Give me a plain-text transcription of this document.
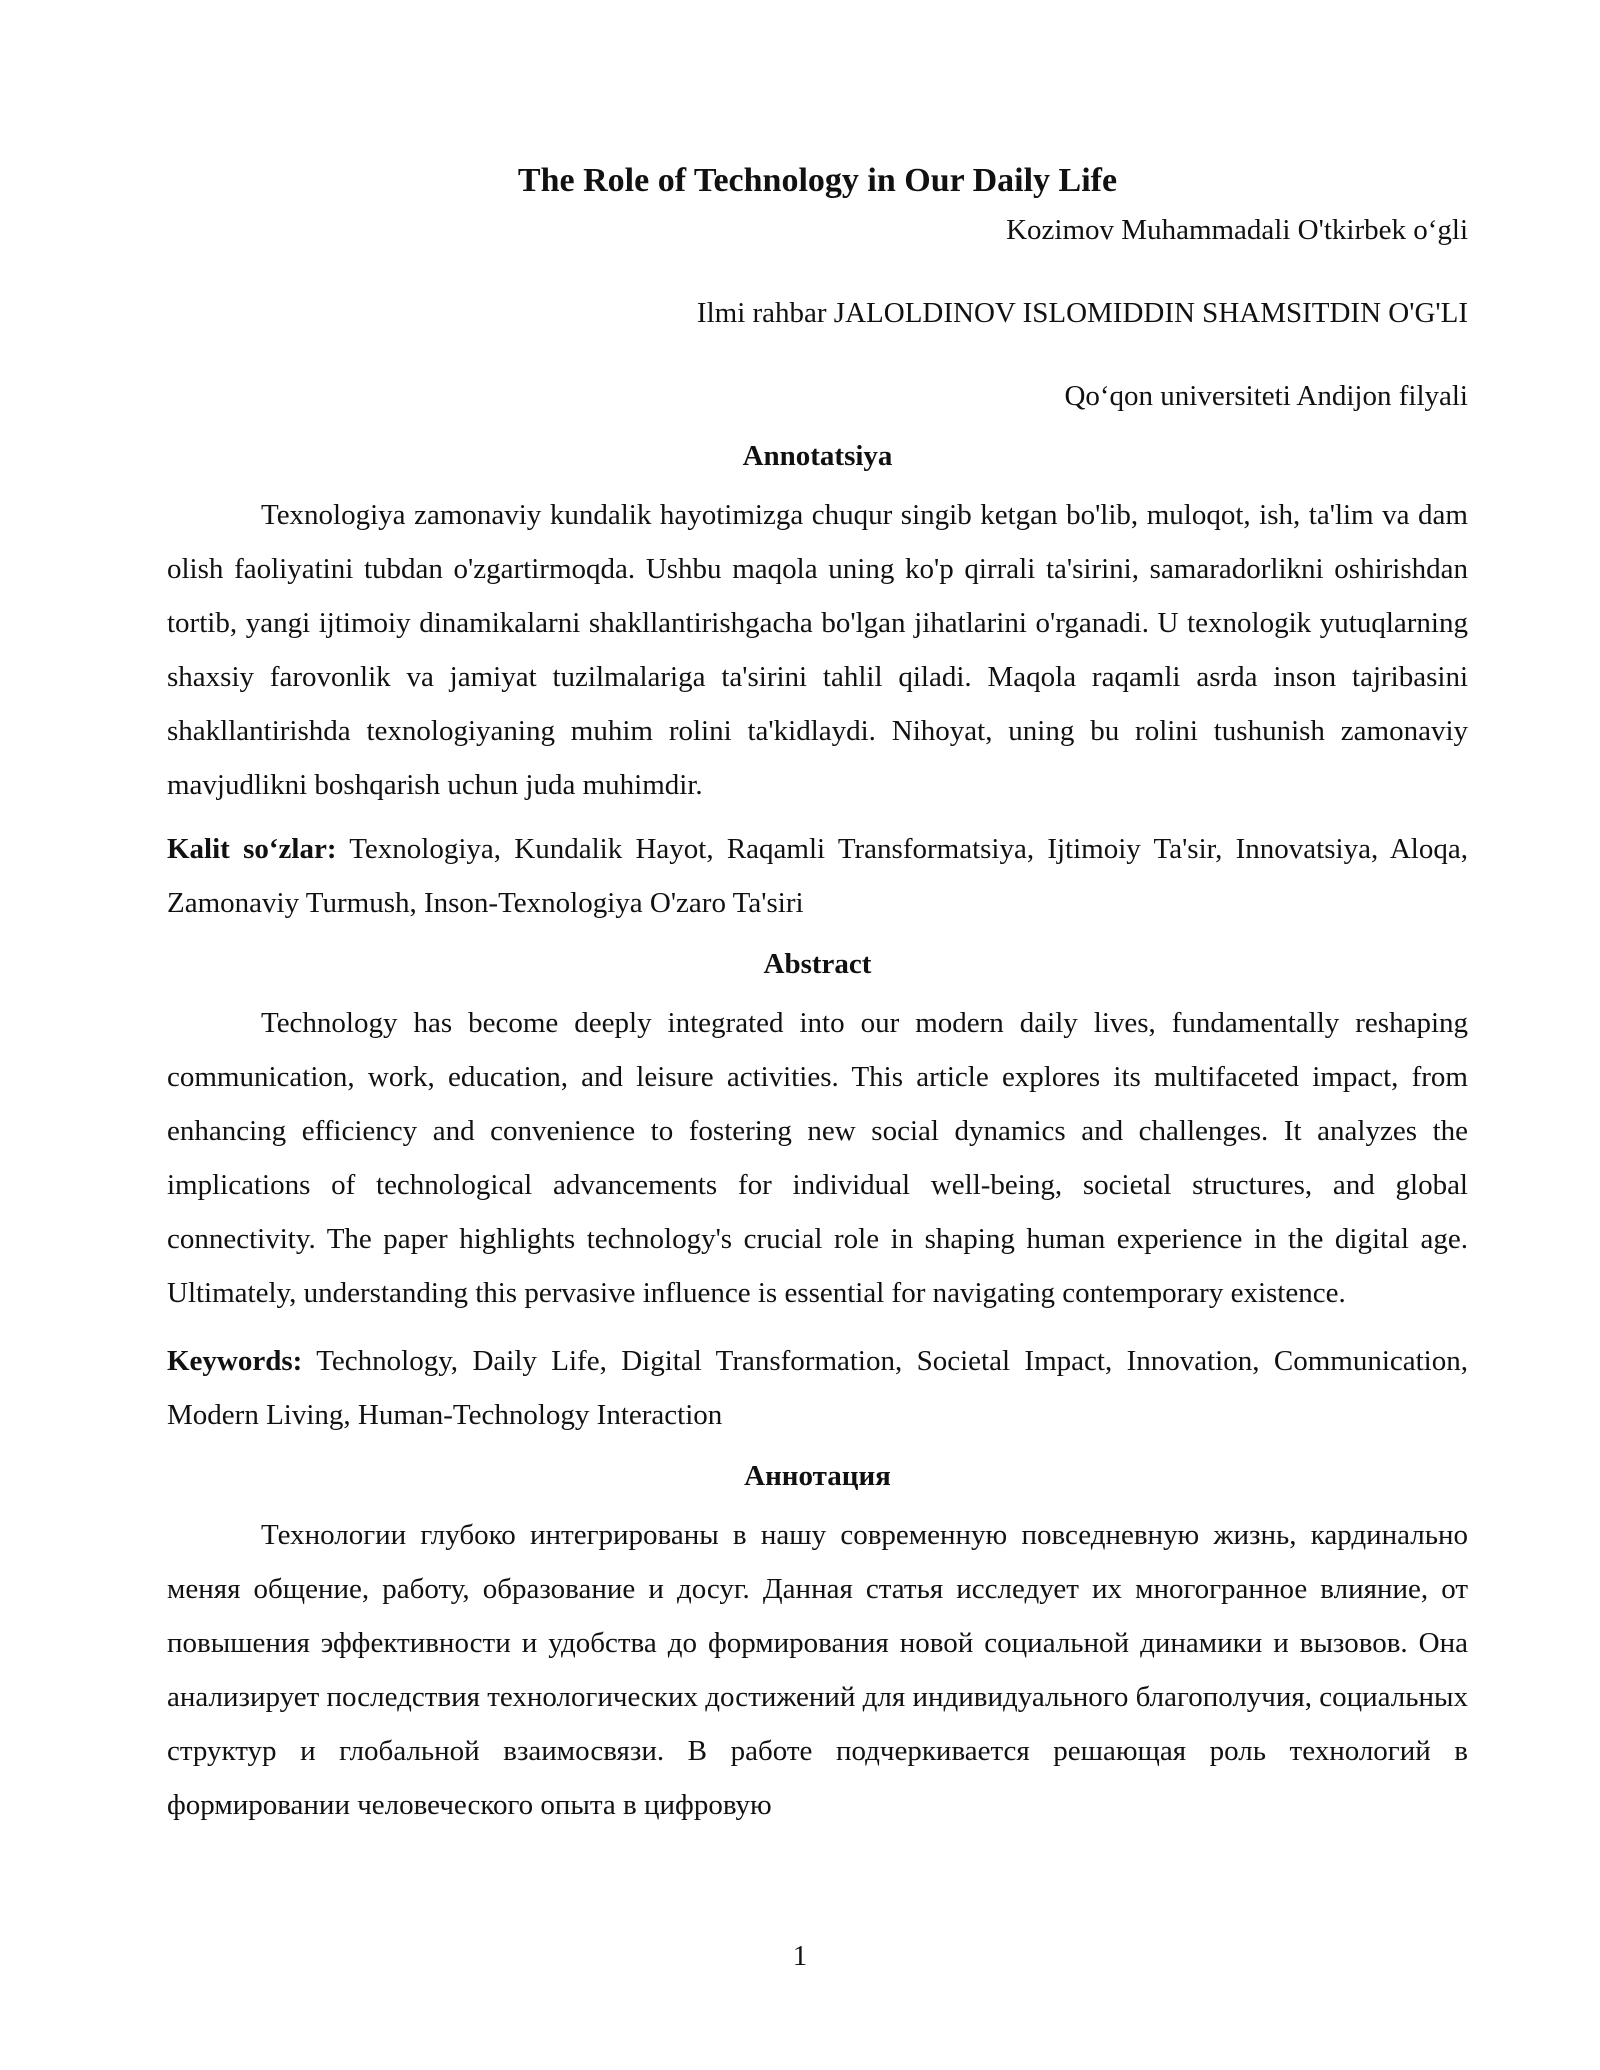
The Role of Technology in Our Daily Life

Kozimov Muhammadali O'tkirbek o‘gli

Ilmi rahbar JALOLDINOV ISLOMIDDIN SHAMSITDIN O'G'LI

Qo‘qon universiteti Andijon filyali

Annotatsiya

Texnologiya zamonaviy kundalik hayotimizga chuqur singib ketgan bo'lib, muloqot, ish, ta'lim va dam olish faoliyatini tubdan o'zgartirmoqda. Ushbu maqola uning ko'p qirrali ta'sirini, samaradorlikni oshirishdan tortib, yangi ijtimoiy dinamikalarni shakllantirishgacha bo'lgan jihatlarini o'rganadi. U texnologik yutuqlarning shaxsiy farovonlik va jamiyat tuzilmalariga ta'sirini tahlil qiladi. Maqola raqamli asrda inson tajribasini shakllantirishda texnologiyaning muhim rolini ta'kidlaydi. Nihoyat, uning bu rolini tushunish zamonaviy mavjudlikni boshqarish uchun juda muhimdir.

Kalit so‘zlar: Texnologiya, Kundalik Hayot, Raqamli Transformatsiya, Ijtimoiy Ta'sir, Innovatsiya, Aloqa, Zamonaviy Turmush, Inson-Texnologiya O'zaro Ta'siri

Abstract

Technology has become deeply integrated into our modern daily lives, fundamentally reshaping communication, work, education, and leisure activities. This article explores its multifaceted impact, from enhancing efficiency and convenience to fostering new social dynamics and challenges. It analyzes the implications of technological advancements for individual well-being, societal structures, and global connectivity. The paper highlights technology's crucial role in shaping human experience in the digital age. Ultimately, understanding this pervasive influence is essential for navigating contemporary existence.

Keywords: Technology, Daily Life, Digital Transformation, Societal Impact, Innovation, Communication, Modern Living, Human-Technology Interaction

Аннотация

Технологии глубоко интегрированы в нашу современную повседневную жизнь, кардинально меняя общение, работу, образование и досуг. Данная статья исследует их многогранное влияние, от повышения эффективности и удобства до формирования новой социальной динамики и вызовов. Она анализирует последствия технологических достижений для индивидуального благополучия, социальных структур и глобальной взаимосвязи. В работе подчеркивается решающая роль технологий в формировании человеческого опыта в цифровую

1
